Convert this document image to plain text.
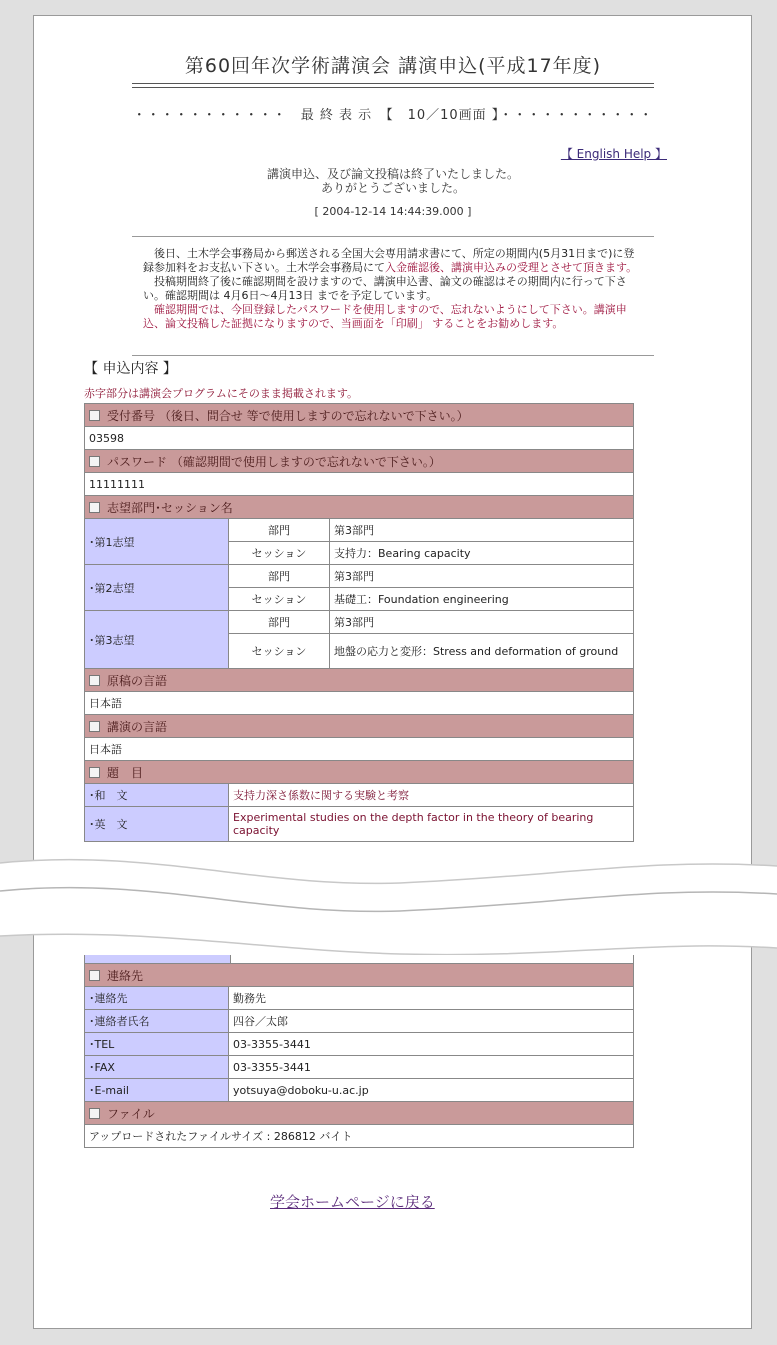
第60回年次学術講演会 講演申込(平成17年度)
・・・・・・・・・・・　最 終 表 示　【　10／10画面 】・・・・・・・・・・・
【 English Help 】
講演申込、及び論文投稿は終了いたしました。
ありがとうございました。
[ 2004-12-14 14:44:39.000 ]

後日、土木学会事務局から郵送される全国大会専用請求書にて、所定の期間内(5月31日まで)に登録参加料をお支払い下さい。土木学会事務局にて入金確認後、講演申込みの受理とさせて頂きます。

投稿期間終了後に確認期間を設けますので、講演申込書、論文の確認はその期間内に行って下さい。確認期間は 4月6日～4月13日 までを予定しています。

確認期間では、今回登録したパスワードを使用しますので、忘れないようにして下さい。講演申込、論文投稿した証拠になりますので、当画面を「印刷」 することをお勧めします。

【 申込内容 】
赤字部分は講演会プログラムにそのまま掲載されます。
受付番号 （後日、問合せ 等で使用しますので忘れないで下さい。）		
03598		
パスワード （確認期間で使用しますので忘れないで下さい。）		
11111111		
志望部門･セッション名		
･第1志望	部門	第3部門
	セッション	支持力：Bearing capacity
･第2志望	部門	第3部門
	セッション	基礎工：Foundation engineering
･第3志望	部門	第3部門
	セッション	地盤の応力と変形：Stress and deformation of ground
原稿の言語		
日本語		
講演の言語		
日本語		
題　目		
･和　文	支持力深さ係数に関する実験と考察	
･英　文	Experimental studies on the depth factor in the theory of bearing capacity	
連絡先	
･連絡先	勤務先
･連絡者氏名	四谷／太郎
･TEL	03-3355-3441
･FAX	03-3355-3441
･E-mail	yotsuya@doboku-u.ac.jp
ファイル	
アップロードされたファイルサイズ : 286812 バイト	
学会ホームページに戻る
